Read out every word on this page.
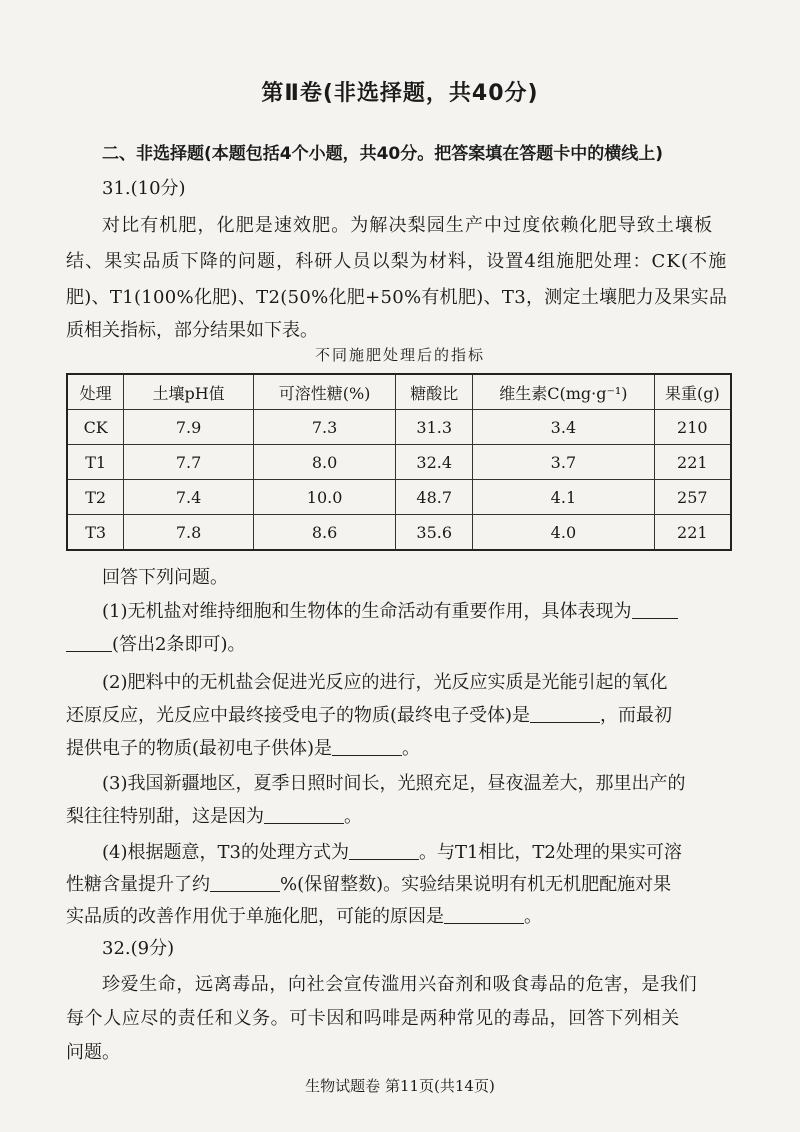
第Ⅱ卷(非选择题，共40分)
二、非选择题(本题包括4个小题，共40分。把答案填在答题卡中的横线上)
31.(10分)
对比有机肥，化肥是速效肥。为解决梨园生产中过度依赖化肥导致土壤板
结、果实品质下降的问题，科研人员以梨为材料，设置4组施肥处理：CK(不施
肥)、T1(100%化肥)、T2(50%化肥+50%有机肥)、T3，测定土壤肥力及果实品
质相关指标，部分结果如下表。
不同施肥处理后的指标
处理	土壤pH值	可溶性糖(%)	糖酸比	维生素C(mg·g⁻¹)	果重(g)
CK	7.9	7.3	31.3	3.4	210
T1	7.7	8.0	32.4	3.7	221
T2	7.4	10.0	48.7	4.1	257
T3	7.8	8.6	35.6	4.0	221
回答下列问题。
(1)无机盐对维持细胞和生物体的生命活动有重要作用，具体表现为
(答出2条即可)。
(2)肥料中的无机盐会促进光反应的进行，光反应实质是光能引起的氧化
还原反应，光反应中最终接受电子的物质(最终电子受体)是	，而最初
提供电子的物质(最初电子供体)是	。
(3)我国新疆地区，夏季日照时间长，光照充足，昼夜温差大，那里出产的
梨往往特别甜，这是因为	。
(4)根据题意，T3的处理方式为	。与T1相比，T2处理的果实可溶
性糖含量提升了约	%(保留整数)。实验结果说明有机无机肥配施对果
实品质的改善作用优于单施化肥，可能的原因是	。
32.(9分)
珍爱生命，远离毒品，向社会宣传滥用兴奋剂和吸食毒品的危害，是我们
每个人应尽的责任和义务。可卡因和吗啡是两种常见的毒品，回答下列相关
问题。
生物试题卷 第11页(共14页)
